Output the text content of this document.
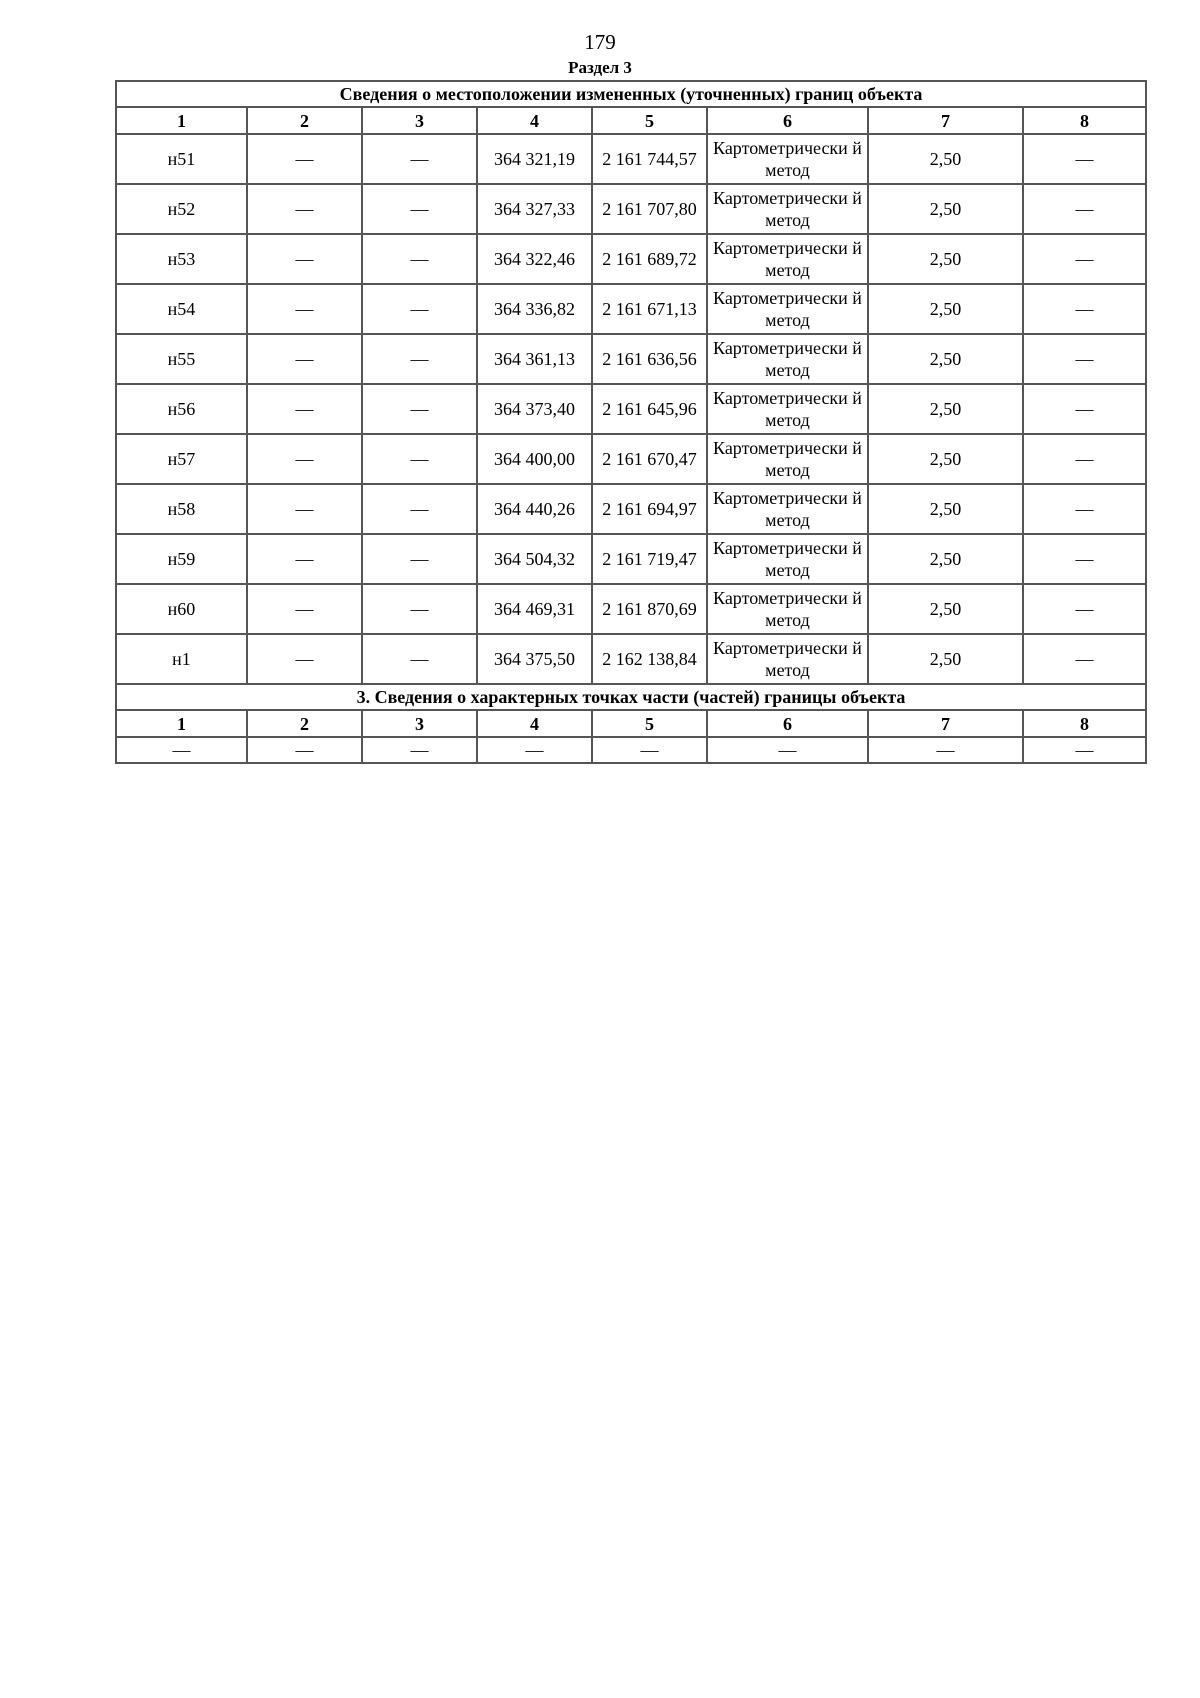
179
Раздел 3
Сведения о местоположении измененных (уточненных) границ объекта							
1	2	3	4	5	6	7	8
н51	—	—	364 321,19	2 161 744,57	Картометрически й метод	2,50	—
н52	—	—	364 327,33	2 161 707,80	Картометрически й метод	2,50	—
н53	—	—	364 322,46	2 161 689,72	Картометрически й метод	2,50	—
н54	—	—	364 336,82	2 161 671,13	Картометрически й метод	2,50	—
н55	—	—	364 361,13	2 161 636,56	Картометрически й метод	2,50	—
н56	—	—	364 373,40	2 161 645,96	Картометрически й метод	2,50	—
н57	—	—	364 400,00	2 161 670,47	Картометрически й метод	2,50	—
н58	—	—	364 440,26	2 161 694,97	Картометрически й метод	2,50	—
н59	—	—	364 504,32	2 161 719,47	Картометрически й метод	2,50	—
н60	—	—	364 469,31	2 161 870,69	Картометрически й метод	2,50	—
н1	—	—	364 375,50	2 162 138,84	Картометрически й метод	2,50	—
3. Сведения о характерных точках части (частей) границы объекта							
1	2	3	4	5	6	7	8
—	—	—	—	—	—	—	—
